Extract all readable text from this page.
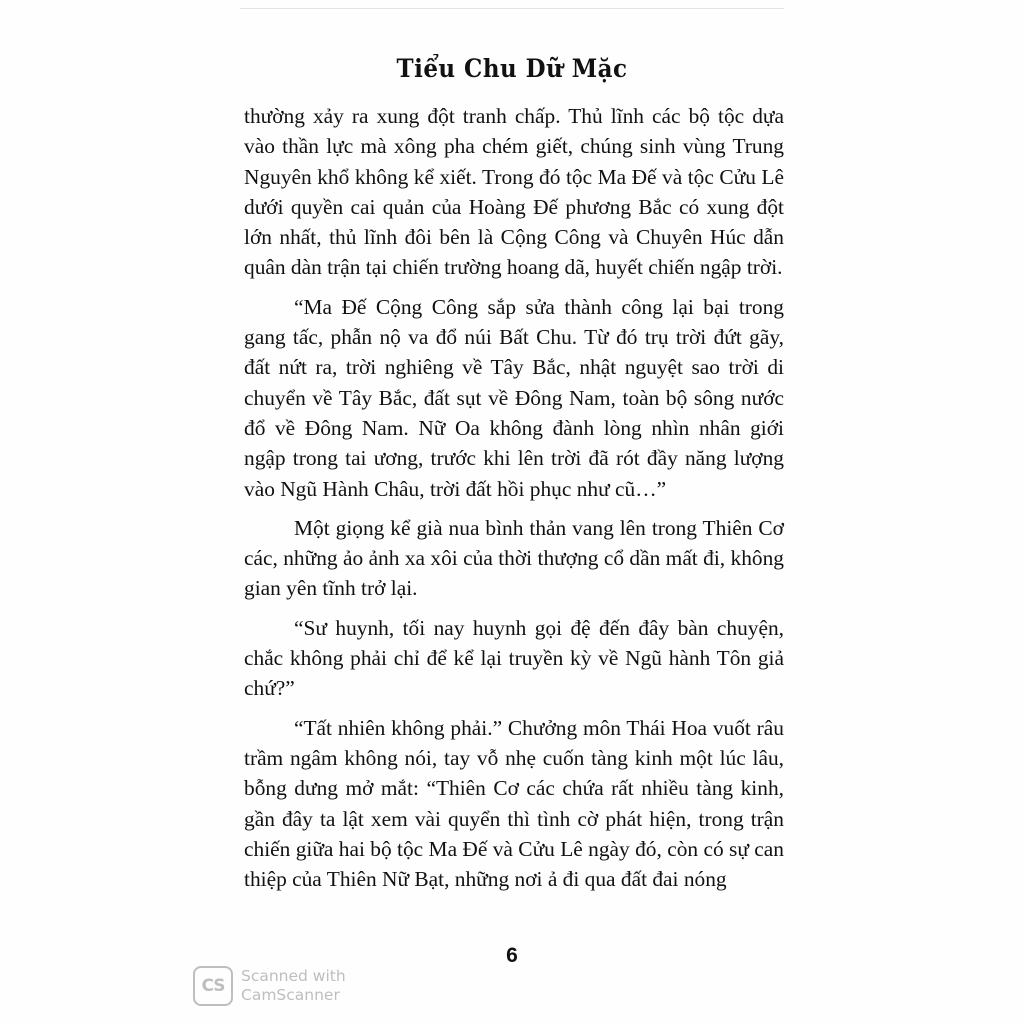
Tiểu Chu Dữ Mặc

thường xảy ra xung đột tranh chấp. Thủ lĩnh các bộ tộc dựa vào thần lực mà xông pha chém giết, chúng sinh vùng Trung Nguyên khổ không kể xiết. Trong đó tộc Ma Đế và tộc Cửu Lê dưới quyền cai quản của Hoàng Đế phương Bắc có xung đột lớn nhất, thủ lĩnh đôi bên là Cộng Công và Chuyên Húc dẫn quân dàn trận tại chiến trường hoang dã, huyết chiến ngập trời.

“Ma Đế Cộng Công sắp sửa thành công lại bại trong gang tấc, phẫn nộ va đổ núi Bất Chu. Từ đó trụ trời đứt gãy, đất nứt ra, trời nghiêng về Tây Bắc, nhật nguyệt sao trời di chuyển về Tây Bắc, đất sụt về Đông Nam, toàn bộ sông nước đổ về Đông Nam. Nữ Oa không đành lòng nhìn nhân giới ngập trong tai ương, trước khi lên trời đã rót đầy năng lượng vào Ngũ Hành Châu, trời đất hồi phục như cũ…”

Một giọng kể già nua bình thản vang lên trong Thiên Cơ các, những ảo ảnh xa xôi của thời thượng cổ dần mất đi, không gian yên tĩnh trở lại.

“Sư huynh, tối nay huynh gọi đệ đến đây bàn chuyện, chắc không phải chỉ để kể lại truyền kỳ về Ngũ hành Tôn giả chứ?”

“Tất nhiên không phải.” Chưởng môn Thái Hoa vuốt râu trầm ngâm không nói, tay vỗ nhẹ cuốn tàng kinh một lúc lâu, bỗng dưng mở mắt: “Thiên Cơ các chứa rất nhiều tàng kinh, gần đây ta lật xem vài quyển thì tình cờ phát hiện, trong trận chiến giữa hai bộ tộc Ma Đế và Cửu Lê ngày đó, còn có sự can thiệp của Thiên Nữ Bạt, những nơi ả đi qua đất đai nóng

6
CS	Scanned with
CamScanner
